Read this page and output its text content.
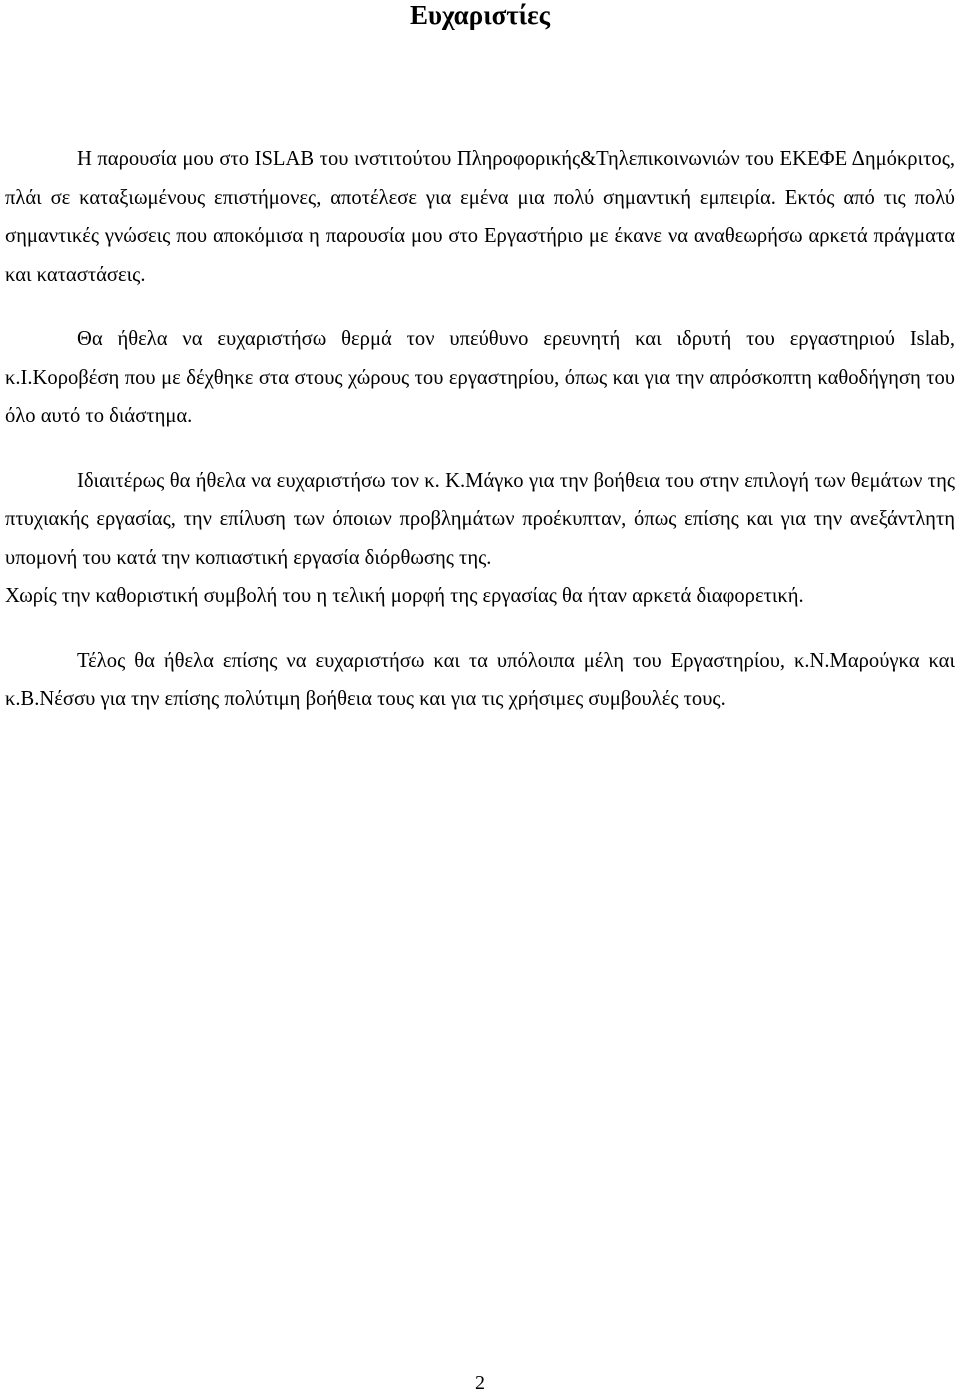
Ευχαριστίες

Η παρουσία μου στο ISLAB του ινστιτούτου Πληροφορικής&Τηλεπικοινωνιών του ΕΚΕΦΕ Δημόκριτος, πλάι σε καταξιωμένους επιστήμονες, αποτέλεσε για εμένα μια πολύ σημαντική εμπειρία. Εκτός από τις πολύ σημαντικές γνώσεις που αποκόμισα η παρουσία μου στο Εργαστήριο με έκανε να αναθεωρήσω αρκετά πράγματα και καταστάσεις.

Θα ήθελα να ευχαριστήσω θερμά τον υπεύθυνο ερευνητή και ιδρυτή του εργαστηριού Islab, κ.Ι.Κοροβέση που με δέχθηκε στα στους χώρους του εργαστηρίου, όπως και για την απρόσκοπτη καθοδήγηση του όλο αυτό το διάστημα.

Ιδιαιτέρως θα ήθελα να ευχαριστήσω τον κ. Κ.Μάγκο για την βοήθεια του στην επιλογή των θεμάτων της πτυχιακής εργασίας, την επίλυση των όποιων προβλημάτων προέκυπταν, όπως επίσης και για την ανεξάντλητη υπομονή του κατά την κοπιαστική εργασία διόρθωσης της.

Χωρίς την καθοριστική συμβολή του η τελική μορφή της εργασίας θα ήταν αρκετά διαφορετική.

Τέλος θα ήθελα επίσης να ευχαριστήσω και τα υπόλοιπα μέλη του Εργαστηρίου, κ.Ν.Μαρούγκα και κ.Β.Νέσσυ για την επίσης πολύτιμη βοήθεια τους και για τις χρήσιμες συμβουλές τους.

2
